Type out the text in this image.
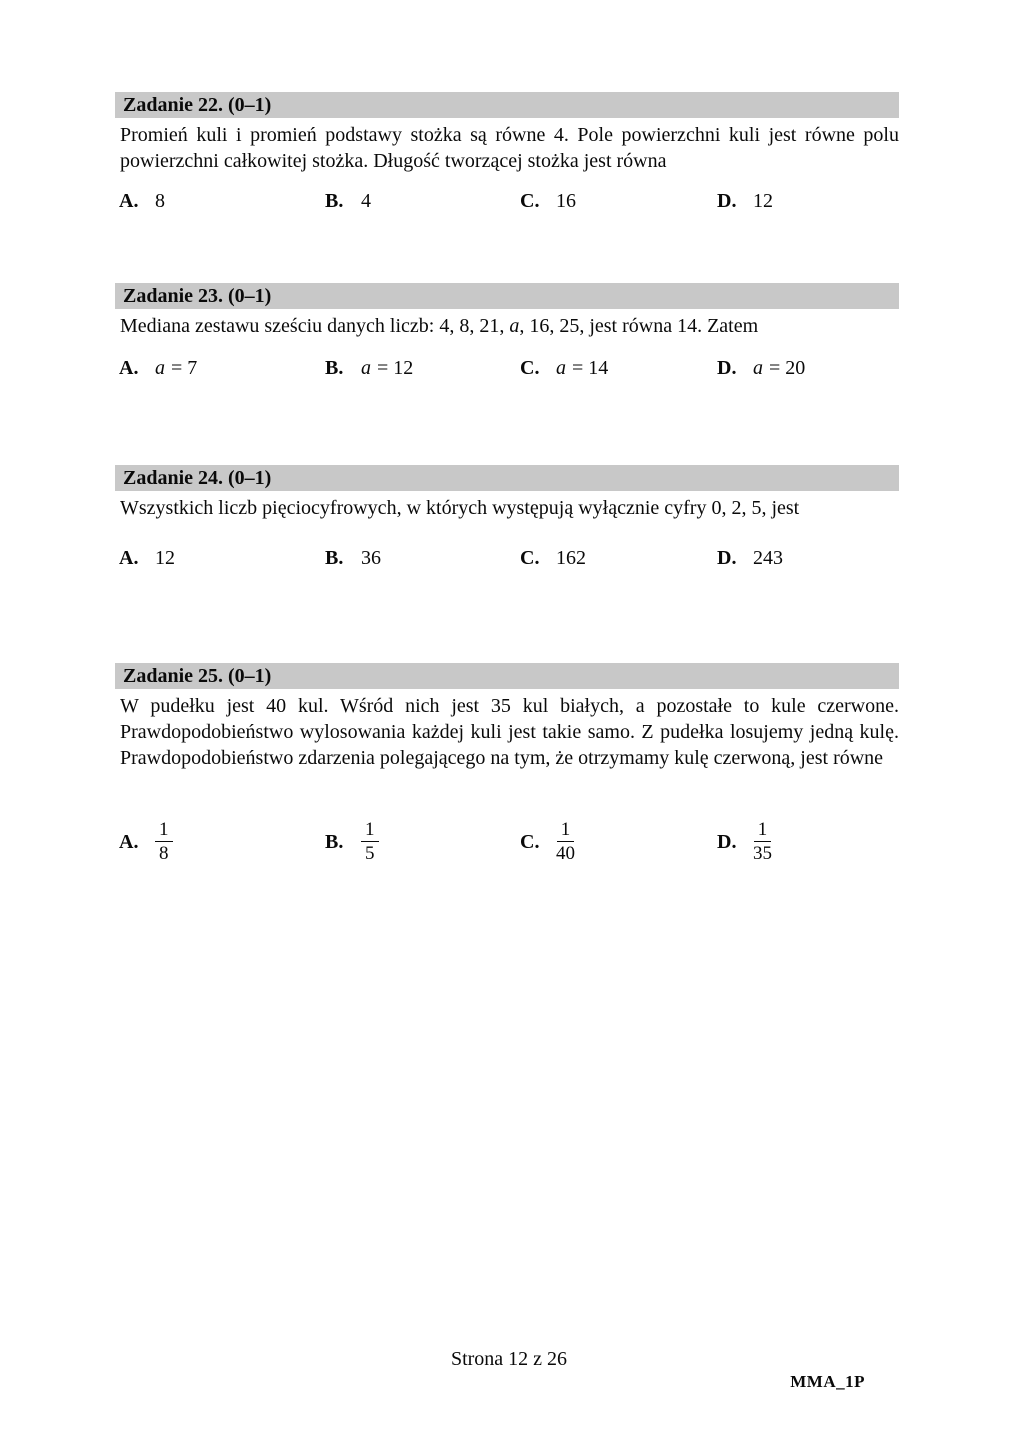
Zadanie 22. (0–1)

Promień kuli i promień podstawy stożka są równe 4. Pole powierzchni kuli jest równe polu powierzchni całkowitej stożka. Długość tworzącej stożka jest równa

A. 8	B. 4	C. 16	D. 12
Zadanie 23. (0–1)

Mediana zestawu sześciu danych liczb: 4, 8, 21, a, 16, 25, jest równa 14. Zatem

A. a = 7	B. a = 12	C. a = 14	D. a = 20
Zadanie 24. (0–1)

Wszystkich liczb pięciocyfrowych, w których występują wyłącznie cyfry 0, 2, 5, jest

A. 12	B. 36	C. 162	D. 243
Zadanie 25. (0–1)

W pudełku jest 40 kul. Wśród nich jest 35 kul białych, a pozostałe to kule czerwone. Prawdopodobieństwo wylosowania każdej kuli jest takie samo. Z pudełka losujemy jedną kulę. Prawdopodobieństwo zdarzenia polegającego na tym, że otrzymamy kulę czerwoną, jest równe

A. $\frac{1}{8}$	B. $\frac{1}{5}$	C. $\frac{1}{40}$	D. $\frac{1}{35}$
Strona 12 z 26
MMA_1P
